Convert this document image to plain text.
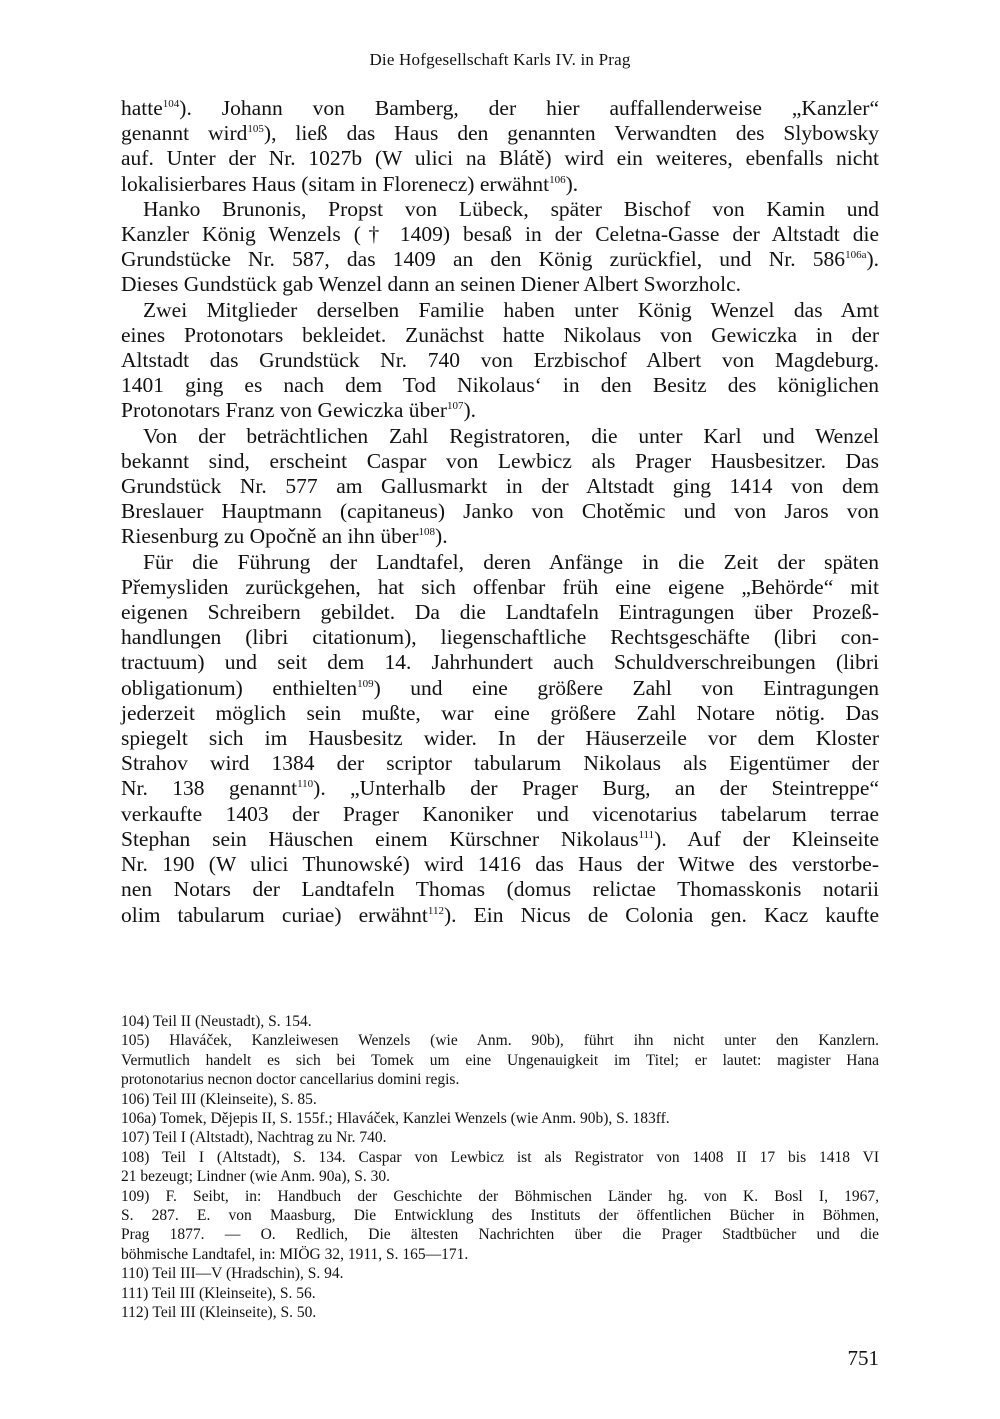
Die Hofgesellschaft Karls IV. in Prag
hatte$^{104}$). Johann von Bamberg, der hier auffallenderweise „Kanzler“
genannt wird$^{105}$), ließ das Haus den genannten Verwandten des Slybowsky
auf. Unter der Nr. 1027b (W ulici na Blátě) wird ein weiteres, ebenfalls nicht
lokalisierbares Haus (sitam in Florenecz) erwähnt$^{106}$).
Hanko Brunonis, Propst von Lübeck, später Bischof von Kamin und
Kanzler König Wenzels († 1409) besaß in der Celetna-Gasse der Altstadt die
Grundstücke Nr. 587, das 1409 an den König zurückfiel, und Nr. $586^{106a}$).
Dieses Gundstück gab Wenzel dann an seinen Diener Albert Sworzholc.
Zwei Mitglieder derselben Familie haben unter König Wenzel das Amt
eines Protonotars bekleidet. Zunächst hatte Nikolaus von Gewiczka in der
Altstadt das Grundstück Nr. 740 von Erzbischof Albert von Magdeburg.
1401 ging es nach dem Tod Nikolaus‘ in den Besitz des königlichen
Protonotars Franz von Gewiczka über$^{107}$).
Von der beträchtlichen Zahl Registratoren, die unter Karl und Wenzel
bekannt sind, erscheint Caspar von Lewbicz als Prager Hausbesitzer. Das
Grundstück Nr. 577 am Gallusmarkt in der Altstadt ging 1414 von dem
Breslauer Hauptmann (capitaneus) Janko von Chotěmic und von Jaros von
Riesenburg zu Opočně an ihn über$^{108}$).
Für die Führung der Landtafel, deren Anfänge in die Zeit der späten
Přemysliden zurückgehen, hat sich offenbar früh eine eigene „Behörde“ mit
eigenen Schreibern gebildet. Da die Landtafeln Eintragungen über Prozeß-
handlungen (libri citationum), liegenschaftliche Rechtsgeschäfte (libri con-
tractuum) und seit dem 14. Jahrhundert auch Schuldverschreibungen (libri
obligationum) enthielten$^{109}$) und eine größere Zahl von Eintragungen
jederzeit möglich sein mußte, war eine größere Zahl Notare nötig. Das
spiegelt sich im Hausbesitz wider. In der Häuserzeile vor dem Kloster
Strahov wird 1384 der scriptor tabularum Nikolaus als Eigentümer der
Nr. 138 genannt$^{110}$). „Unterhalb der Prager Burg, an der Steintreppe“
verkaufte 1403 der Prager Kanoniker und vicenotarius tabelarum terrae
Stephan sein Häuschen einem Kürschner Nikolaus$^{111}$). Auf der Kleinseite
Nr. 190 (W ulici Thunowské) wird 1416 das Haus der Witwe des verstorbe-
nen Notars der Landtafeln Thomas (domus relictae Thomasskonis notarii
olim tabularum curiae) erwähnt$^{112}$). Ein Nicus de Colonia gen. Kacz kaufte
104) Teil II (Neustadt), S. 154.
105) Hlaváček, Kanzleiwesen Wenzels (wie Anm. 90b), führt ihn nicht unter den Kanzlern.
Vermutlich handelt es sich bei Tomek um eine Ungenauigkeit im Titel; er lautet: magister Hana
protonotarius necnon doctor cancellarius domini regis.
106) Teil III (Kleinseite), S. 85.
106a) Tomek, Dějepis II, S. 155f.; Hlaváček, Kanzlei Wenzels (wie Anm. 90b), S. 183ff.
107) Teil I (Altstadt), Nachtrag zu Nr. 740.
108) Teil I (Altstadt), S. 134. Caspar von Lewbicz ist als Registrator von 1408 II 17 bis 1418 VI
21 bezeugt; Lindner (wie Anm. 90a), S. 30.
109) F. Seibt, in: Handbuch der Geschichte der Böhmischen Länder hg. von K. Bosl I, 1967,
S. 287. E. von Maasburg, Die Entwicklung des Instituts der öffentlichen Bücher in Böhmen,
Prag 1877. — O. Redlich, Die ältesten Nachrichten über die Prager Stadtbücher und die
böhmische Landtafel, in: MIÖG 32, 1911, S. 165—171.
110) Teil III—V (Hradschin), S. 94.
111) Teil III (Kleinseite), S. 56.
112) Teil III (Kleinseite), S. 50.
751
